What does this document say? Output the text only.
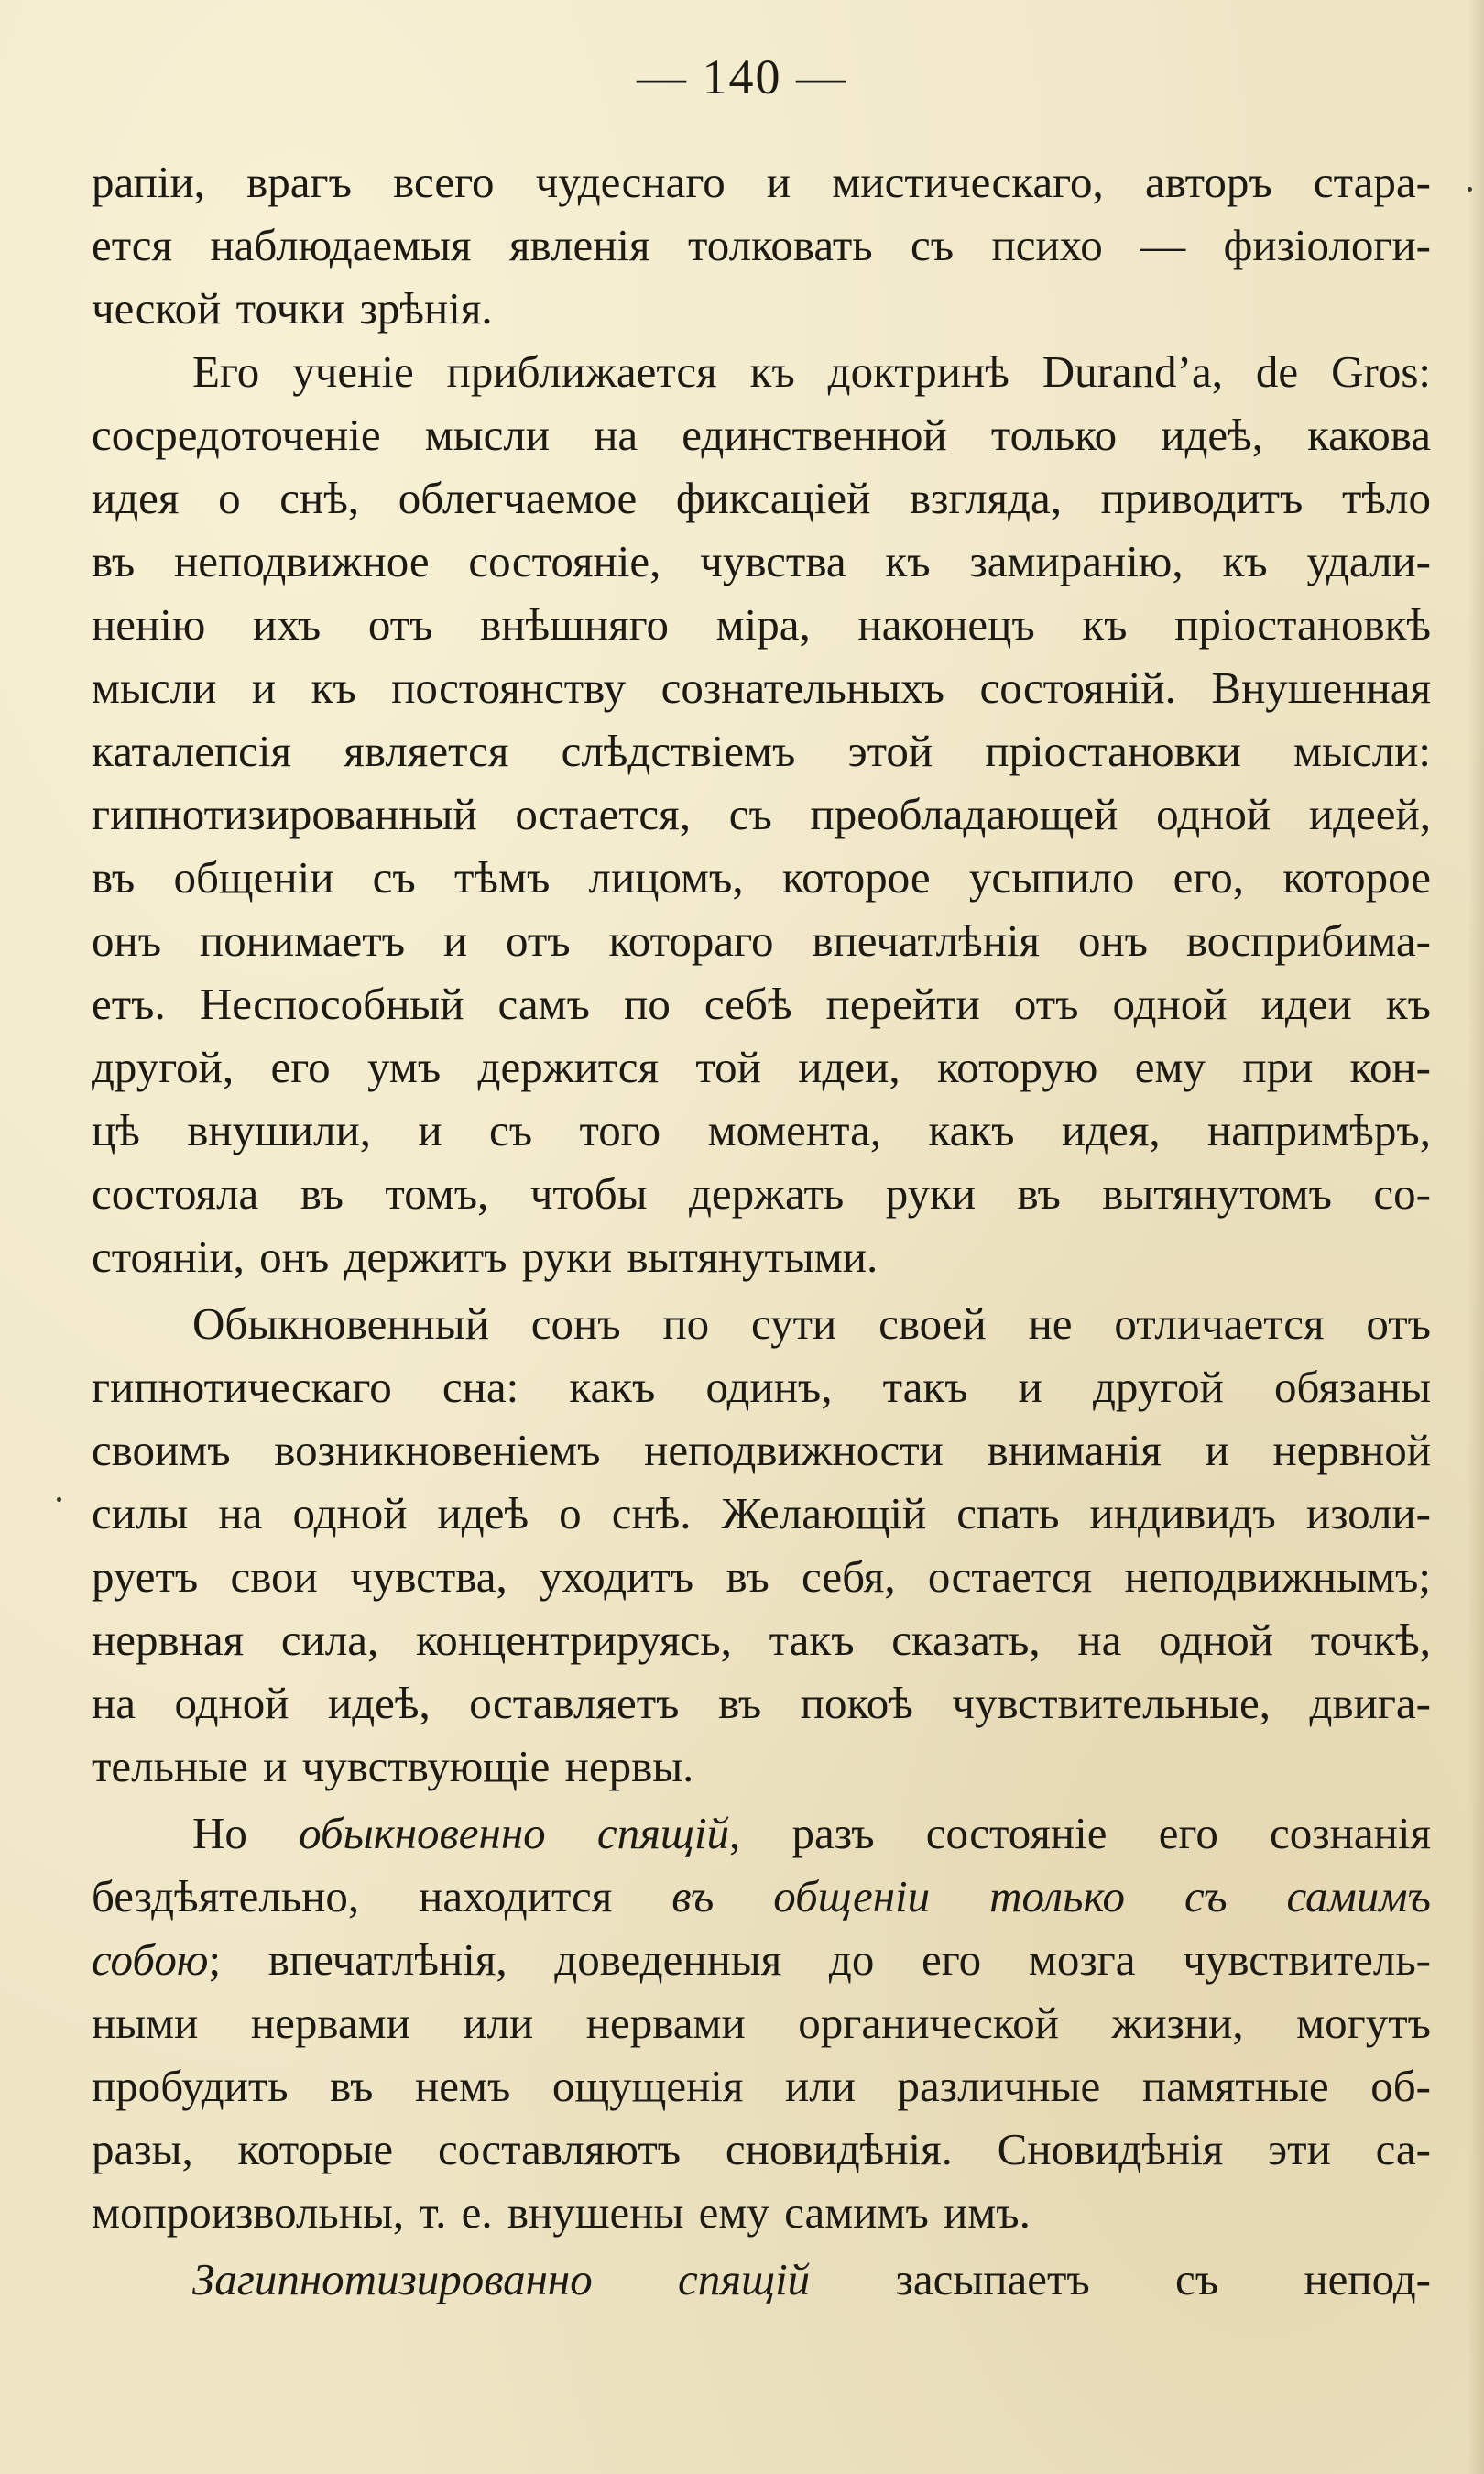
— 140 —
рапіи, врагъ всего чудеснаго и мистическаго, авторъ стара-
ется наблюдаемыя явленія толковать съ психо — физіологи-
ческой точки зрѣнія.
Его ученіе приближается къ доктринѣ Durand’a, de Gros:
сосредоточеніе мысли на единственной только идеѣ, какова
идея о снѣ, облегчаемое фиксаціей взгляда, приводитъ тѣло
въ неподвижное состояніе, чувства къ замиранію, къ удали-
ненію ихъ отъ внѣшняго міра, наконецъ къ пріостановкѣ
мысли и къ постоянству сознательныхъ состояній. Внушенная
каталепсія является слѣдствіемъ этой пріостановки мысли:
гипнотизированный остается, съ преобладающей одной идеей,
въ общеніи съ тѣмъ лицомъ, которое усыпило его, которое
онъ понимаетъ и отъ котораго впечатлѣнія онъ восприбима-
етъ. Неспособный самъ по себѣ перейти отъ одной идеи къ
другой, его умъ держится той идеи, которую ему при кон-
цѣ внушили, и съ того момента, какъ идея, напримѣръ,
состояла въ томъ, чтобы держать руки въ вытянутомъ со-
стояніи, онъ держитъ руки вытянутыми.
Обыкновенный сонъ по сути своей не отличается отъ
гипнотическаго сна: какъ одинъ, такъ и другой обязаны
своимъ возникновеніемъ неподвижности вниманія и нервной
силы на одной идеѣ о снѣ. Желающій спать индивидъ изоли-
руетъ свои чувства, уходитъ въ себя, остается неподвижнымъ;
нервная сила, концентрируясь, такъ сказать, на одной точкѣ,
на одной идеѣ, оставляетъ въ покоѣ чувствительные, двига-
тельные и чувствующіе нервы.
Но обыкновенно спящій, разъ состояніе его сознанія
бездѣятельно, находится въ общеніи только съ самимъ
собою; впечатлѣнія, доведенныя до его мозга чувствитель-
ными нервами или нервами органической жизни, могутъ
пробудить въ немъ ощущенія или различные памятные об-
разы, которые составляютъ сновидѣнія. Сновидѣнія эти са-
мопроизвольны, т. е. внушены ему самимъ имъ.
Загипнотизированно спящій засыпаетъ съ непод-
